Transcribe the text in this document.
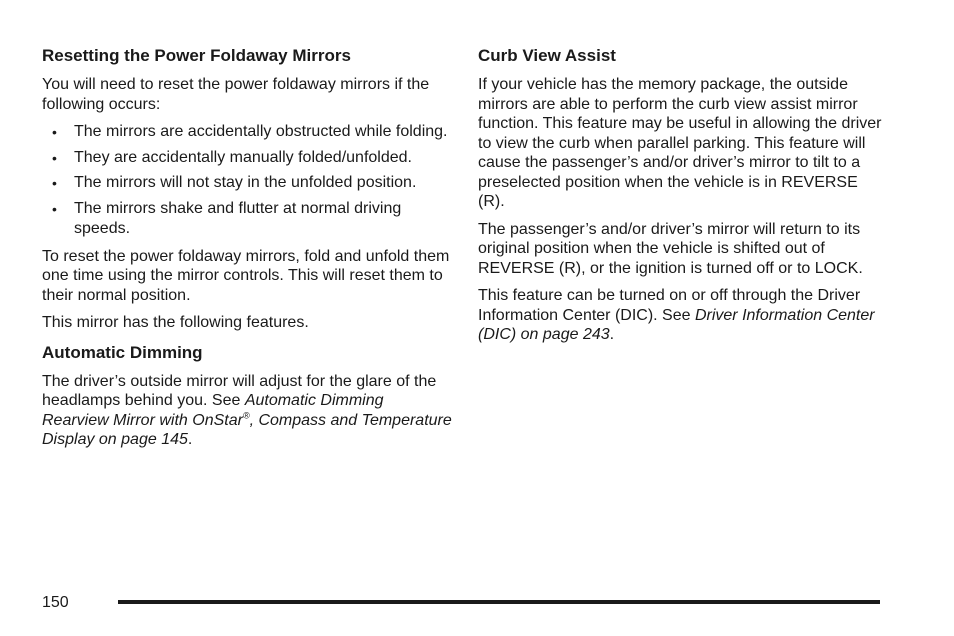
Resetting the Power Foldaway Mirrors

You will need to reset the power foldaway mirrors if the following occurs:

• The mirrors are accidentally obstructed while folding.
• They are accidentally manually folded/unfolded.
• The mirrors will not stay in the unfolded position.
• The mirrors shake and flutter at normal driving speeds.

To reset the power foldaway mirrors, fold and unfold them one time using the mirror controls. This will reset them to their normal position.

This mirror has the following features.

Automatic Dimming

The driver’s outside mirror will adjust for the glare of the headlamps behind you. See Automatic Dimming Rearview Mirror with OnStar®, Compass and Temperature Display on page 145.

Curb View Assist

If your vehicle has the memory package, the outside mirrors are able to perform the curb view assist mirror function. This feature may be useful in allowing the driver to view the curb when parallel parking. This feature will cause the passenger’s and/or driver’s mirror to tilt to a preselected position when the vehicle is in REVERSE (R).

The passenger’s and/or driver’s mirror will return to its original position when the vehicle is shifted out of REVERSE (R), or the ignition is turned off or to LOCK.

This feature can be turned on or off through the Driver Information Center (DIC). See Driver Information Center (DIC) on page 243.

150
